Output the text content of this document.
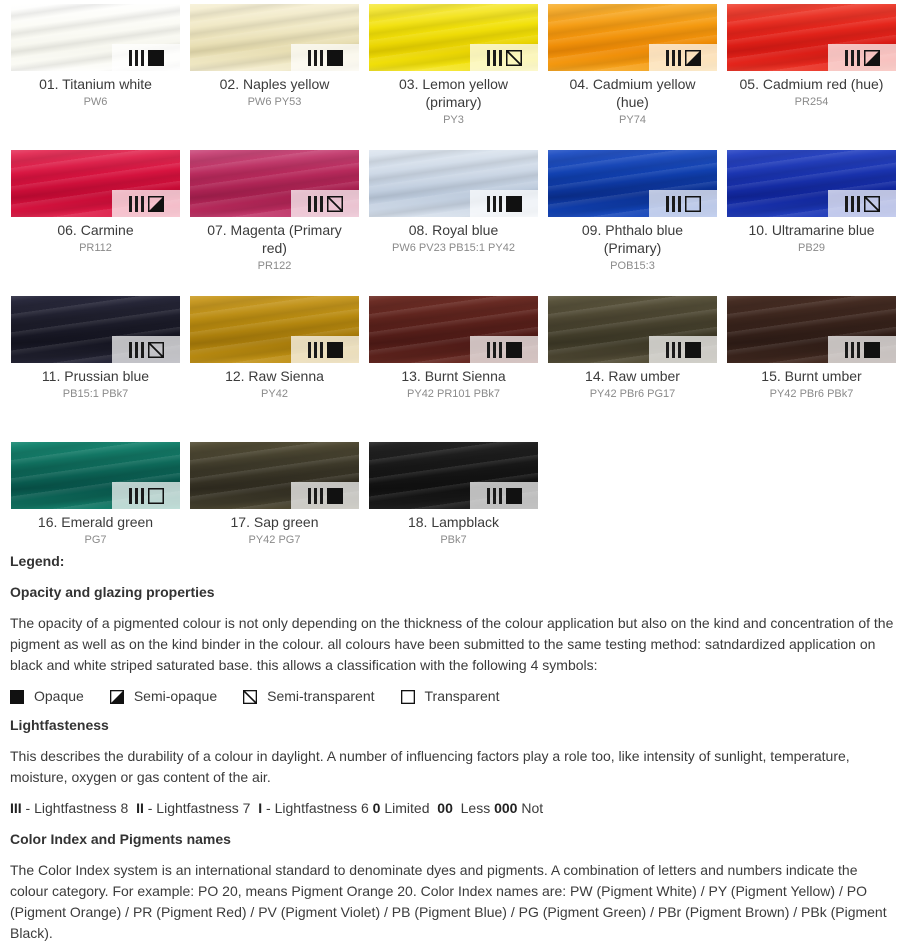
01. Titanium white
PW6
02. Naples yellow
PW6 PY53
03. Lemon yellow (primary)
PY3
04. Cadmium yellow (hue)
PY74
05. Cadmium red (hue)
PR254
06. Carmine
PR112
07. Magenta (Primary red)
PR122
08. Royal blue
PW6 PV23 PB15:1 PY42
09. Phthalo blue (Primary)
POB15:3
10. Ultramarine blue
PB29
11. Prussian blue
PB15:1 PBk7
12. Raw Sienna
PY42
13. Burnt Sienna
PY42 PR101 PBk7
14. Raw umber
PY42 PBr6 PG17
15. Burnt umber
PY42 PBr6 PBk7
16. Emerald green
PG7
17. Sap green
PY42 PG7
18. Lampblack
PBk7
Legend:
Opacity and glazing properties

The opacity of a pigmented colour is not only depending on the thickness of the colour application but also on the kind and concentration of the pigment as well as on the kind binder in the colour. all colours have been submitted to the same testing method: satndardized application on black and white striped saturated base. this allows a classification with the following 4 symbols:

Opaque	Semi-opaque	Semi-transparent	Transparent
Lightfasteness

This describes the durability of a colour in daylight. A number of influencing factors play a role too, like intensity of sunlight, temperature, moisture, oxygen or gas content of the air.

III - Lightfastness 8  II - Lightfastness 7  I - Lightfastness 6 0 Limited  00  Less 000 Not

Color Index and Pigments names

The Color Index system is an international standard to denominate dyes and pigments. A combination of letters and numbers indicate the colour category. For example: PO 20, means Pigment Orange 20. Color Index names are: PW (Pigment White) / PY (Pigment Yellow) / PO (Pigment Orange) / PR (Pigment Red) / PV (Pigment Violet) / PB (Pigment Blue) / PG (Pigment Green) / PBr (Pigment Brown) / PBk (Pigment Black).
